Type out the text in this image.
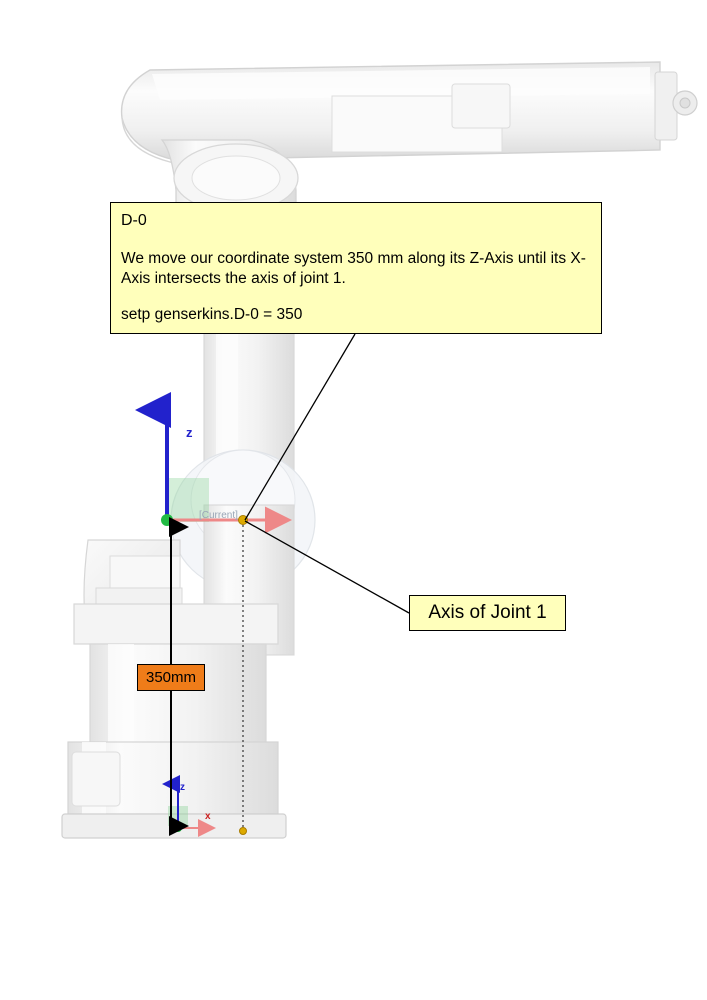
D-0
We move our coordinate system 350 mm along its Z-Axis until its X-Axis intersects the axis of joint 1.
setp genserkins.D-0 = 350
Axis of Joint 1
350mm
z
z
x
[Current]
